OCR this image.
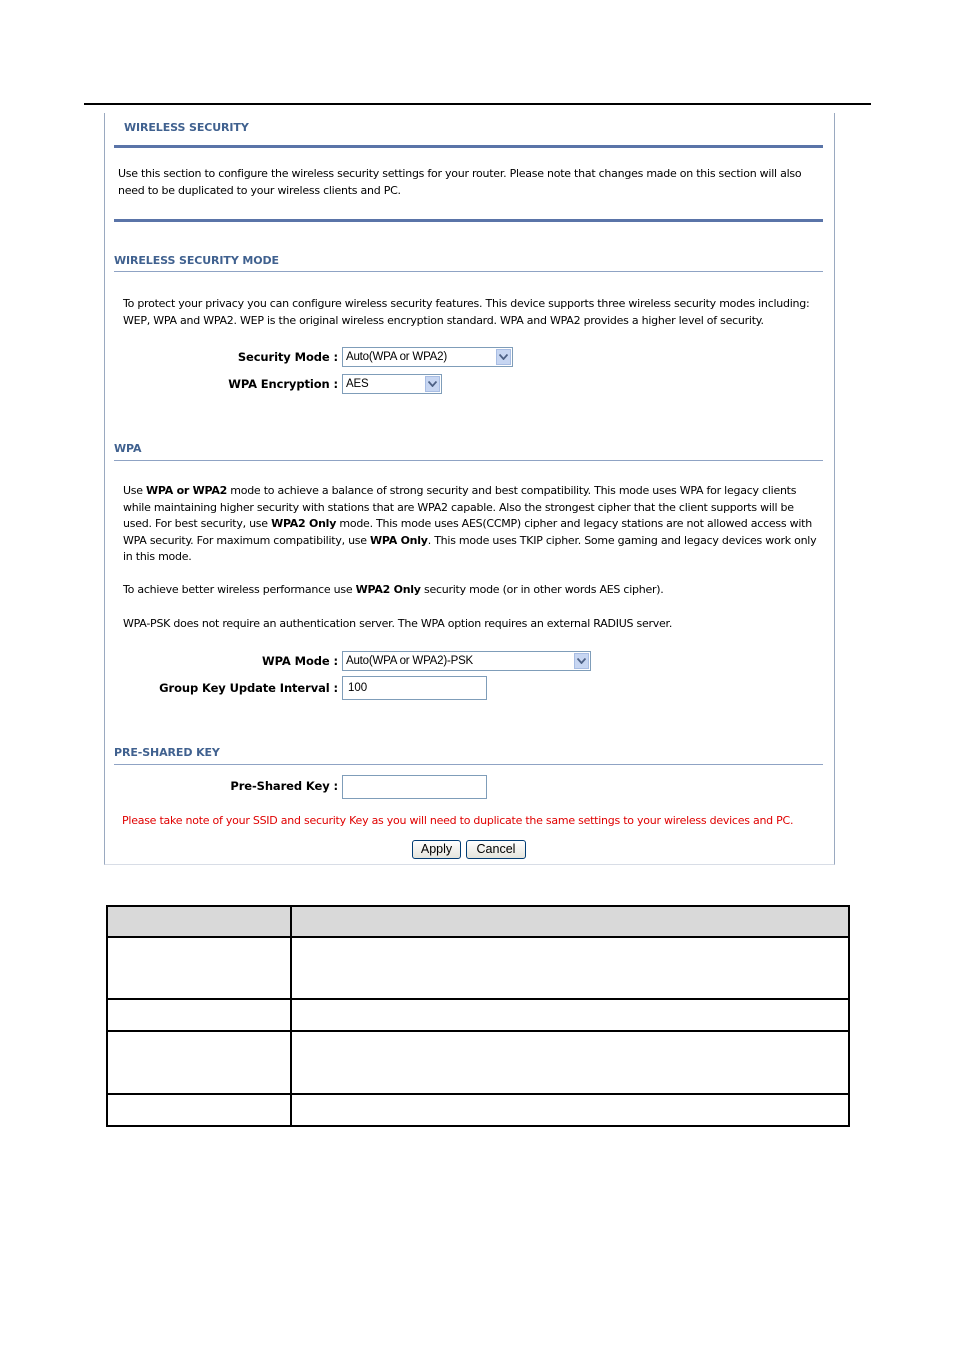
WIRELESS SECURITY
Use this section to configure the wireless security settings for your router. Please note that changes made on this section will also need to be duplicated to your wireless clients and PC.
WIRELESS SECURITY MODE
To protect your privacy you can configure wireless security features. This device supports three wireless security modes including: WEP, WPA and WPA2. WEP is the original wireless encryption standard. WPA and WPA2 provides a higher level of security.
Security Mode : Auto(WPA or WPA2)
WPA Encryption : AES
WPA
Use WPA or WPA2 mode to achieve a balance of strong security and best compatibility. This mode uses WPA for legacy clients while maintaining higher security with stations that are WPA2 capable. Also the strongest cipher that the client supports will be used. For best security, use WPA2 Only mode. This mode uses AES(CCMP) cipher and legacy stations are not allowed access with WPA security. For maximum compatibility, use WPA Only. This mode uses TKIP cipher. Some gaming and legacy devices work only in this mode.
To achieve better wireless performance use WPA2 Only security mode (or in other words AES cipher).
WPA-PSK does not require an authentication server. The WPA option requires an external RADIUS server.
WPA Mode : Auto(WPA or WPA2)-PSK
Group Key Update Interval : 100
PRE-SHARED KEY
Pre-Shared Key :
Please take note of your SSID and security Key as you will need to duplicate the same settings to your wireless devices and PC.
Apply	Cancel
